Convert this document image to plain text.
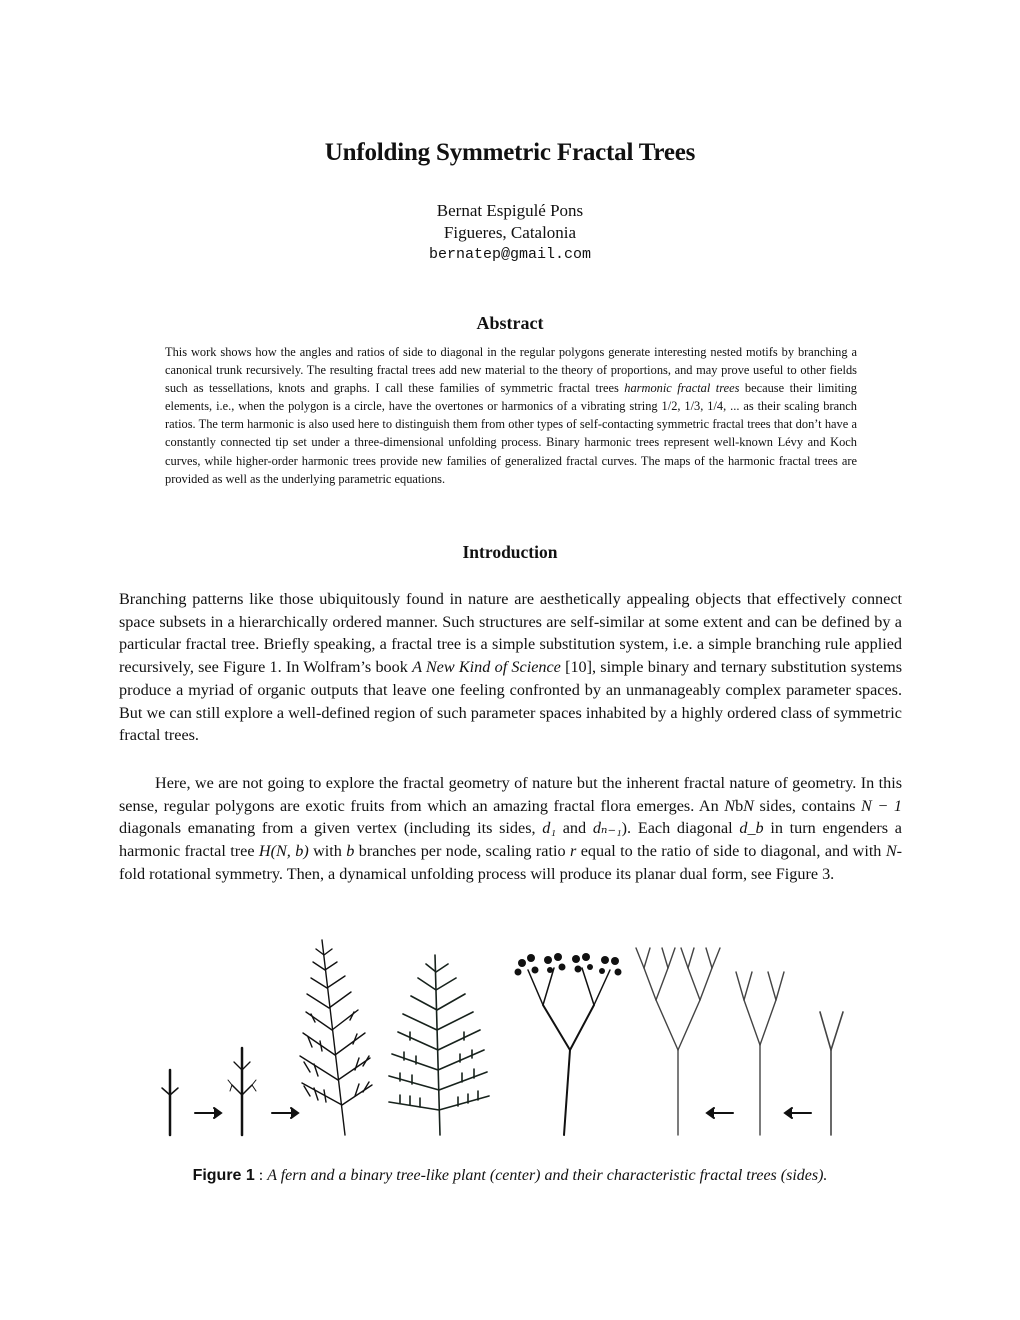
Unfolding Symmetric Fractal Trees
Bernat Espigulé Pons
Figueres, Catalonia
bernatep@gmail.com
Abstract
This work shows how the angles and ratios of side to diagonal in the regular polygons generate interesting nested motifs by branching a canonical trunk recursively. The resulting fractal trees add new material to the theory of proportions, and may prove useful to other fields such as tessellations, knots and graphs. I call these families of symmetric fractal trees harmonic fractal trees because their limiting elements, i.e., when the polygon is a circle, have the overtones or harmonics of a vibrating string 1/2, 1/3, 1/4, ... as their scaling branch ratios. The term harmonic is also used here to distinguish them from other types of self-contacting symmetric fractal trees that don’t have a constantly connected tip set under a three-dimensional unfolding process. Binary harmonic trees represent well-known Lévy and Koch curves, while higher-order harmonic trees provide new families of generalized fractal curves. The maps of the harmonic fractal trees are provided as well as the underlying parametric equations.
Introduction
Branching patterns like those ubiquitously found in nature are aesthetically appealing objects that effectively connect space subsets in a hierarchically ordered manner. Such structures are self-similar at some extent and can be defined by a particular fractal tree. Briefly speaking, a fractal tree is a simple substitution system, i.e. a simple branching rule applied recursively, see Figure 1. In Wolfram’s book A New Kind of Science [10], simple binary and ternary substitution systems produce a myriad of organic outputs that leave one feeling confronted by an unmanageably complex parameter spaces. But we can still explore a well-defined region of such parameter spaces inhabited by a highly ordered class of symmetric fractal trees.
Here, we are not going to explore the fractal geometry of nature but the inherent fractal nature of geometry. In this sense, regular polygons are exotic fruits from which an amazing fractal flora emerges. An NbN sides, contains N − 1 diagonals emanating from a given vertex (including its sides, d₁ and dₙ₋₁). Each diagonal d_b in turn engenders a harmonic fractal tree H(N, b) with b branches per node, scaling ratio r equal to the ratio of side to diagonal, and with N-fold rotational symmetry. Then, a dynamical unfolding process will produce its planar dual form, see Figure 3.
Figure 1 : A fern and a binary tree-like plant (center) and their characteristic fractal trees (sides).
